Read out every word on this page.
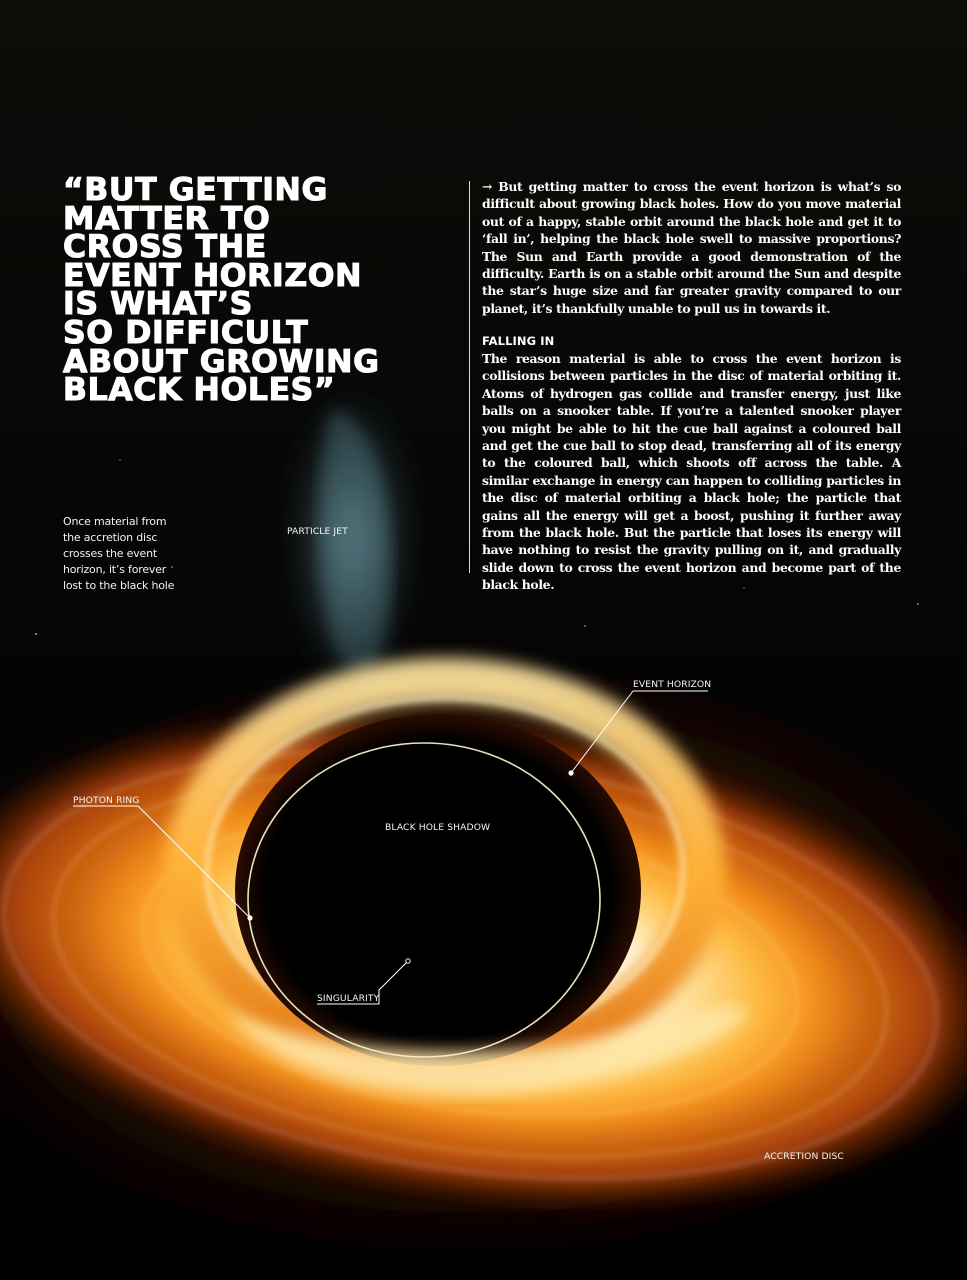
“BUT GETTING
MATTER TO
CROSS THE
EVENT HORIZON
IS WHAT’S
SO DIFFICULT
ABOUT GROWING
BLACK HOLES”

→ But getting matter to cross the event horizon is what’s so difficult about growing black holes. How do you move material out of a happy, stable orbit around the black hole and get it to ‘fall in’, helping the black hole swell to massive proportions? The Sun and Earth provide a good demonstration of the difficulty. Earth is on a stable orbit around the Sun and despite the star’s huge size and far greater gravity compared to our planet, it’s thankfully unable to pull us in towards it.

FALLING IN

The reason material is able to cross the event horizon is collisions between particles in the disc of material orbiting it. Atoms of hydrogen gas collide and transfer energy, just like balls on a snooker table. If you’re a talented snooker player you might be able to hit the cue ball against a coloured ball and get the cue ball to stop dead, transferring all of its energy to the coloured ball, which shoots off across the table. A similar exchange in energy can happen to colliding particles in the disc of material orbiting a black hole; the particle that gains all the energy will get a boost, pushing it further away from the black hole. But the particle that loses its energy will have nothing to resist the gravity pulling on it, and gradually slide down to cross the event horizon and become part of the black hole.

Once material from the accretion disc crosses the event horizon, it’s forever lost to the black hole
PARTICLE JET
EVENT HORIZON
PHOTON RING
BLACK HOLE SHADOW
SINGULARITY
ACCRETION DISC
